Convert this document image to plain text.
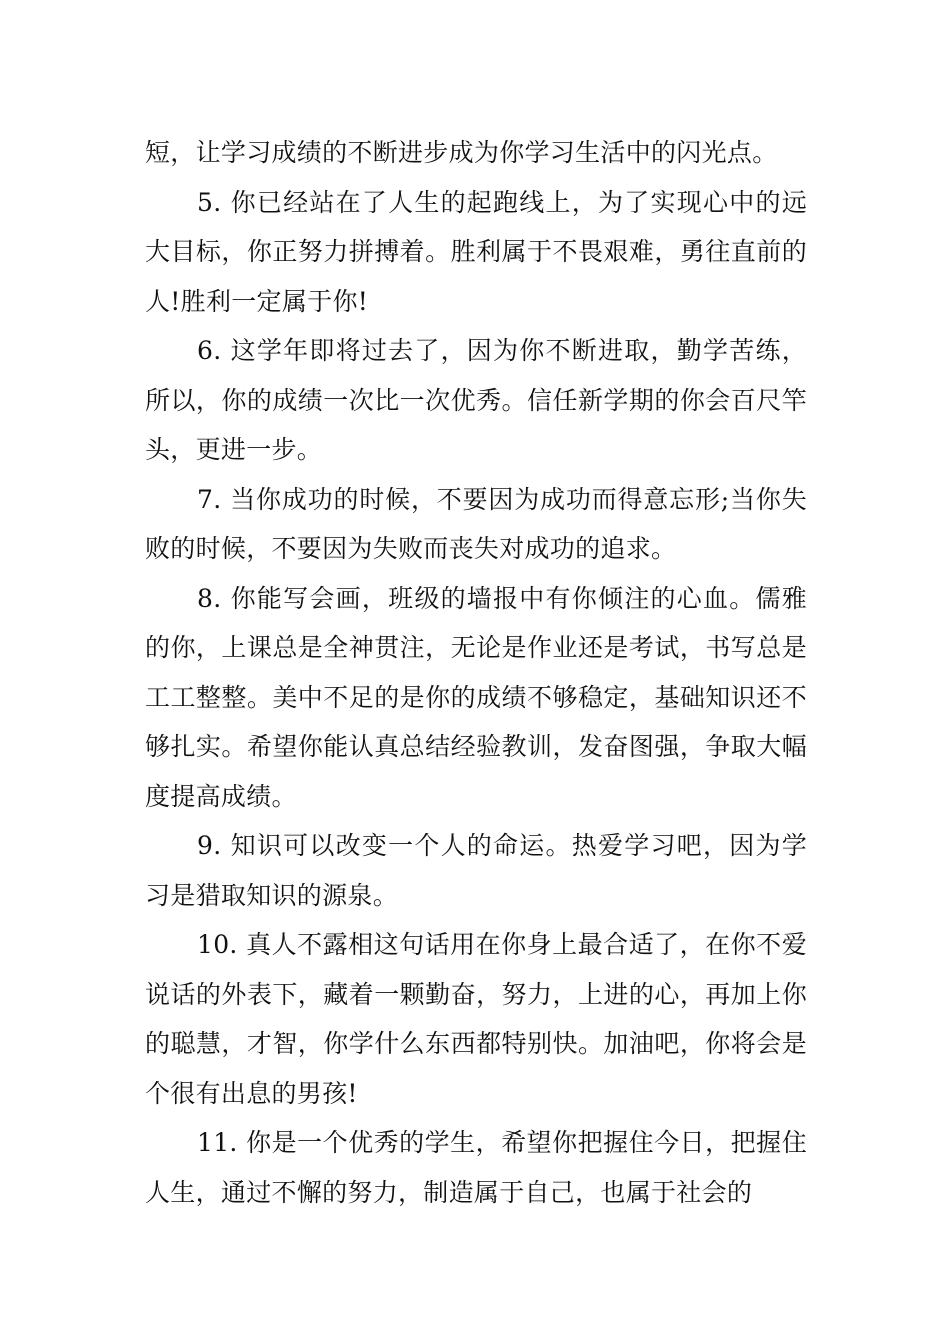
短，让学习成绩的不断进步成为你学习生活中的闪光点。

5. 你已经站在了人生的起跑线上，为了实现心中的远大目标，你正努力拼搏着。胜利属于不畏艰难，勇往直前的人!胜利一定属于你!

6. 这学年即将过去了，因为你不断进取，勤学苦练，所以，你的成绩一次比一次优秀。信任新学期的你会百尺竿头，更进一步。

7. 当你成功的时候，不要因为成功而得意忘形;当你失败的时候，不要因为失败而丧失对成功的追求。

8. 你能写会画，班级的墙报中有你倾注的心血。儒雅的你，上课总是全神贯注，无论是作业还是考试，书写总是工工整整。美中不足的是你的成绩不够稳定，基础知识还不够扎实。希望你能认真总结经验教训，发奋图强，争取大幅度提高成绩。

9. 知识可以改变一个人的命运。热爱学习吧，因为学习是猎取知识的源泉。

10. 真人不露相这句话用在你身上最合适了，在你不爱说话的外表下，藏着一颗勤奋，努力，上进的心，再加上你的聪慧，才智，你学什么东西都特别快。加油吧，你将会是个很有出息的男孩!

11. 你是一个优秀的学生，希望你把握住今日，把握住人生，通过不懈的努力，制造属于自己，也属于社会的
